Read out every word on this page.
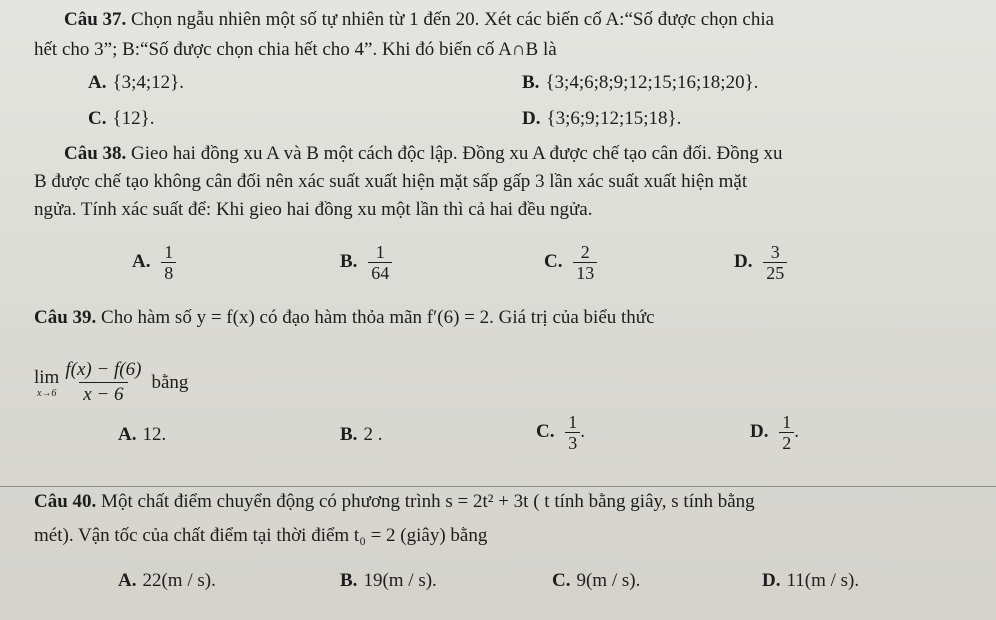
Câu 37. Chọn ngẫu nhiên một số tự nhiên từ 1 đến 20. Xét các biến cố A:“Số được chọn chia
hết cho 3”; B:“Số được chọn chia hết cho 4”. Khi đó biến cố A∩B là
A. {3;4;12}.	B. {3;4;6;8;9;12;15;16;18;20}.
C. {12}.	D. {3;6;9;12;15;18}.
Câu 38. Gieo hai đồng xu A và B một cách độc lập. Đồng xu A được chế tạo cân đối. Đồng xu
B được chế tạo không cân đối nên xác suất xuất hiện mặt sấp gấp 3 lần xác suất xuất hiện mặt
ngửa. Tính xác suất để: Khi gieo hai đồng xu một lần thì cả hai đều ngửa.
A. $\frac{1}{8}$	B. $\frac{1}{64}$	C. $\frac{2}{13}$	D. $\frac{3}{25}$
Câu 39. Cho hàm số y = f(x) có đạo hàm thỏa mãn f′(6) = 2. Giá trị của biểu thức
lim
$x\to 6 \frac{f(x) - f(6)}{x - 6}$ bằng
A. 12.	B. 2 .	C. $\frac{1}{3}$ .	D. $\frac{1}{2}$ .
Câu 40. Một chất điểm chuyển động có phương trình s = 2t² + 3t ( t tính bằng giây, s tính bằng
mét). Vận tốc của chất điểm tại thời điểm t₀ = 2 (giây) bằng
A. 22(m / s).	B. 19(m / s).	C. 9(m / s).	D. 11(m / s).
